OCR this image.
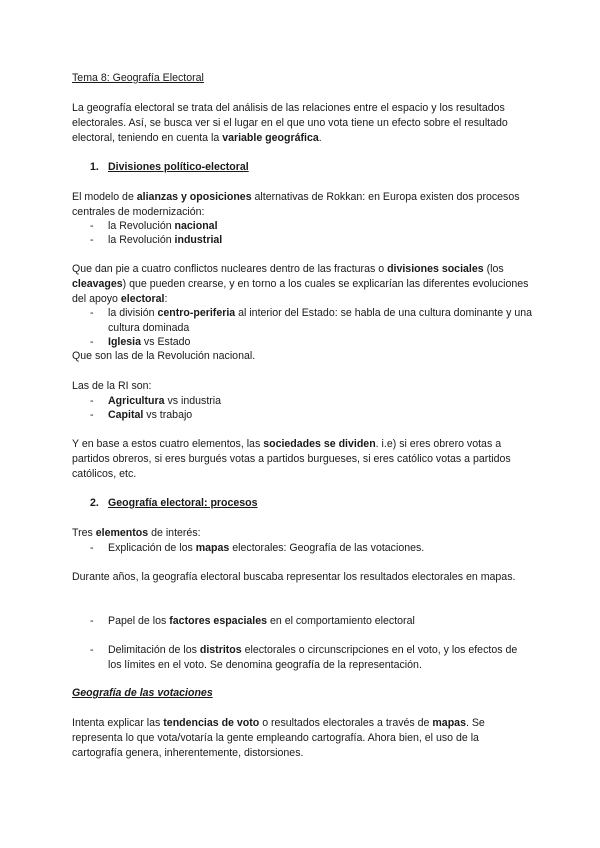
Tema 8: Geografía Electoral

La geografía electoral se trata del análisis de las relaciones entre el espacio y los resultados electorales. Así, se busca ver si el lugar en el que uno vota tiene un efecto sobre el resultado electoral, teniendo en cuenta la variable geográfica.

1. Divisiones político-electoral

El modelo de alianzas y oposiciones alternativas de Rokkan: en Europa existen dos procesos centrales de modernización:

- la Revolución nacional
- la Revolución industrial

Que dan pie a cuatro conflictos nucleares dentro de las fracturas o divisiones sociales (los cleavages) que pueden crearse, y en torno a los cuales se explicarían las diferentes evoluciones del apoyo electoral:

- la división centro-periferia al interior del Estado: se habla de una cultura dominante y una cultura dominada
- Iglesia vs Estado

Que son las de la Revolución nacional.

Las de la RI son:

- Agricultura vs industria
- Capital vs trabajo

Y en base a estos cuatro elementos, las sociedades se dividen. i.e) si eres obrero votas a partidos obreros, si eres burgués votas a partidos burgueses, si eres católico votas a partidos católicos, etc.

2. Geografía electoral: procesos

Tres elementos de interés:

- Explicación de los mapas electorales: Geografía de las votaciones.

Durante años, la geografía electoral buscaba representar los resultados electorales en mapas.

- Papel de los factores espaciales en el comportamiento electoral
- Delimitación de los distritos electorales o circunscripciones en el voto, y los efectos de los límites en el voto. Se denomina geografía de la representación.

Geografía de las votaciones

Intenta explicar las tendencias de voto o resultados electorales a través de mapas. Se representa lo que vota/votaría la gente empleando cartografía. Ahora bien, el uso de la cartografía genera, inherentemente, distorsiones.
